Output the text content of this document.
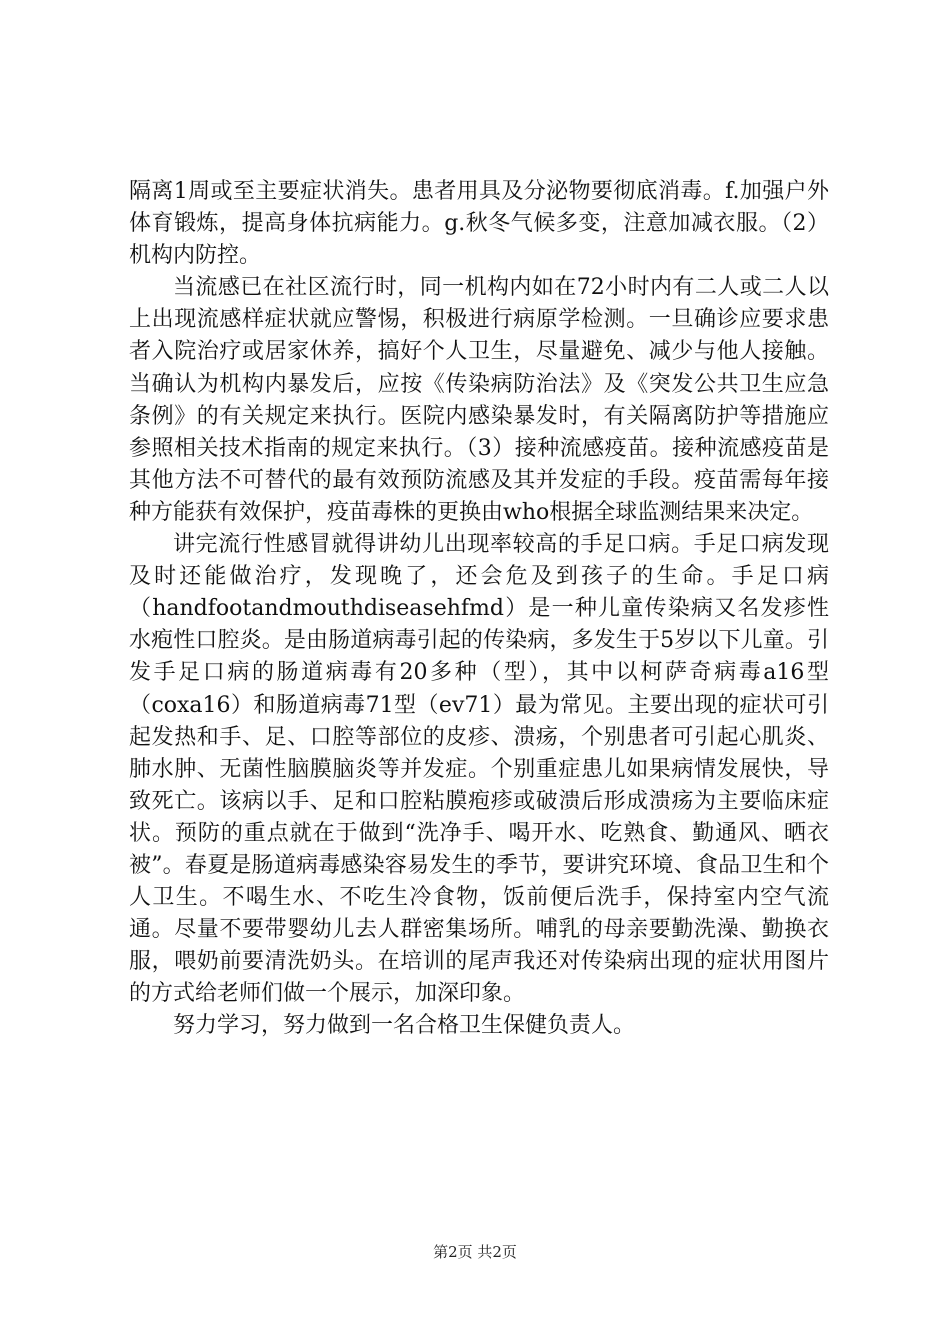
隔离1周或至主要症状消失。患者用具及分泌物要彻底消毒。f.加强户外体育锻炼，提高身体抗病能力。g.秋冬气候多变，注意加减衣服。（2）机构内防控。

当流感已在社区流行时，同一机构内如在72小时内有二人或二人以上出现流感样症状就应警惕，积极进行病原学检测。一旦确诊应要求患者入院治疗或居家休养，搞好个人卫生，尽量避免、减少与他人接触。当确认为机构内暴发后，应按《传染病防治法》及《突发公共卫生应急条例》的有关规定来执行。医院内感染暴发时，有关隔离防护等措施应参照相关技术指南的规定来执行。（3）接种流感疫苗。接种流感疫苗是其他方法不可替代的最有效预防流感及其并发症的手段。疫苗需每年接种方能获有效保护，疫苗毒株的更换由who根据全球监测结果来决定。

讲完流行性感冒就得讲幼儿出现率较高的手足口病。手足口病发现及时还能做治疗，发现晚了，还会危及到孩子的生命。手足口病（handfootandmouthdiseasehfmd）是一种儿童传染病又名发疹性水疱性口腔炎。是由肠道病毒引起的传染病，多发生于5岁以下儿童。引发手足口病的肠道病毒有20多种（型），其中以柯萨奇病毒a16型（coxa16）和肠道病毒71型（ev71）最为常见。主要出现的症状可引起发热和手、足、口腔等部位的皮疹、溃疡，个别患者可引起心肌炎、肺水肿、无菌性脑膜脑炎等并发症。个别重症患儿如果病情发展快，导致死亡。该病以手、足和口腔粘膜疱疹或破溃后形成溃疡为主要临床症状。预防的重点就在于做到“洗净手、喝开水、吃熟食、勤通风、晒衣被”。春夏是肠道病毒感染容易发生的季节，要讲究环境、食品卫生和个人卫生。不喝生水、不吃生冷食物，饭前便后洗手，保持室内空气流通。尽量不要带婴幼儿去人群密集场所。哺乳的母亲要勤洗澡、勤换衣服，喂奶前要清洗奶头。在培训的尾声我还对传染病出现的症状用图片的方式给老师们做一个展示，加深印象。

努力学习，努力做到一名合格卫生保健负责人。

第2页 共2页
